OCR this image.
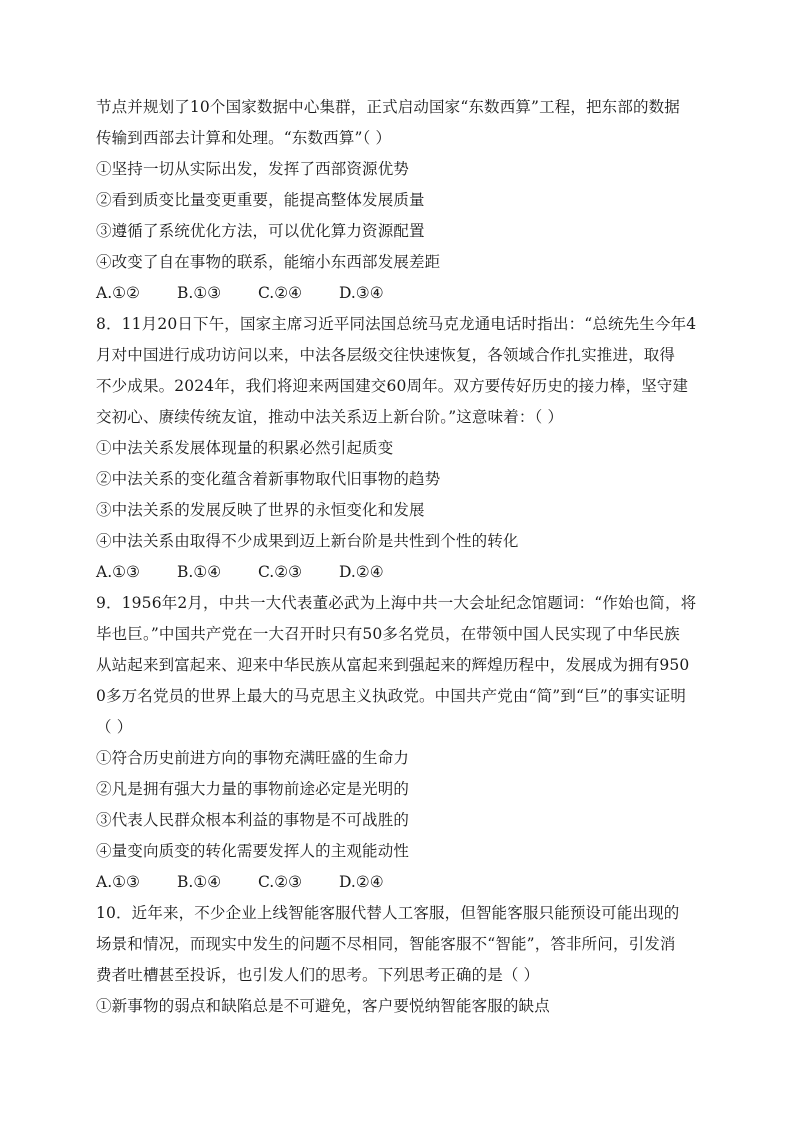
节点并规划了10个国家数据中心集群，正式启动国家“东数西算”工程，把东部的数据
传输到西部去计算和处理。“东数西算”（ ）
①坚持一切从实际出发，发挥了西部资源优势
②看到质变比量变更重要，能提高整体发展质量
③遵循了系统优化方法，可以优化算力资源配置
④改变了自在事物的联系，能缩小东西部发展差距
A.①②	B.①③	C.②④	D.③④
8．11月20日下午，国家主席习近平同法国总统马克龙通电话时指出：“总统先生今年4
月对中国进行成功访问以来，中法各层级交往快速恢复，各领域合作扎实推进，取得
不少成果。2024年，我们将迎来两国建交60周年。双方要传好历史的接力棒，坚守建
交初心、赓续传统友谊，推动中法关系迈上新台阶。”这意味着：（ ）
①中法关系发展体现量的积累必然引起质变
②中法关系的变化蕴含着新事物取代旧事物的趋势
③中法关系的发展反映了世界的永恒变化和发展
④中法关系由取得不少成果到迈上新台阶是共性到个性的转化
A.①③	B.①④	C.②③	D.②④
9．1956年2月，中共一大代表董必武为上海中共一大会址纪念馆题词：“作始也简，将
毕也巨。”中国共产党在一大召开时只有50多名党员，在带领中国人民实现了中华民族
从站起来到富起来、迎来中华民族从富起来到强起来的辉煌历程中，发展成为拥有950
0多万名党员的世界上最大的马克思主义执政党。中国共产党由“简”到“巨”的事实证明
（ ）
①符合历史前进方向的事物充满旺盛的生命力
②凡是拥有强大力量的事物前途必定是光明的
③代表人民群众根本利益的事物是不可战胜的
④量变向质变的转化需要发挥人的主观能动性
A.①③	B.①④	C.②③	D.②④
10．近年来，不少企业上线智能客服代替人工客服，但智能客服只能预设可能出现的
场景和情况，而现实中发生的问题不尽相同，智能客服不“智能”，答非所问，引发消
费者吐槽甚至投诉，也引发人们的思考。下列思考正确的是（ ）
①新事物的弱点和缺陷总是不可避免，客户要悦纳智能客服的缺点
